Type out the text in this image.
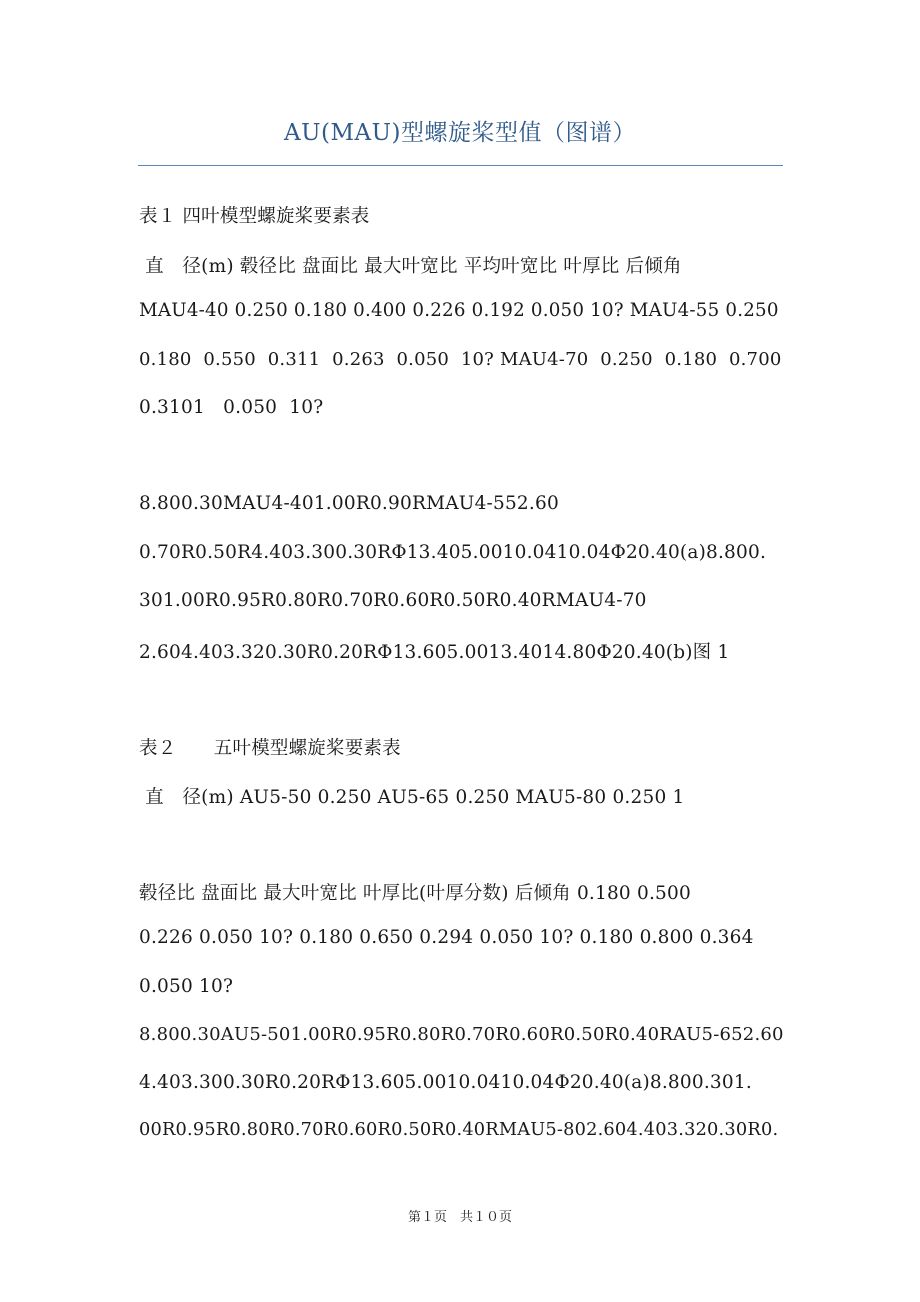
AU(MAU)型螺旋桨型值（图谱）
表１ 四叶模型螺旋桨要素表
直　径(m) 毂径比 盘面比 最大叶宽比 平均叶宽比 叶厚比 后倾角
MAU4-40 0.250 0.180 0.400 0.226 0.192 0.050 10? MAU4-55 0.250
0.180  0.550  0.311  0.263  0.050  10? MAU4-70  0.250  0.180  0.700
0.3101   0.050  10?
8.800.30MAU4-401.00R0.90RMAU4-552.60
0.70R0.50R4.403.300.30RΦ13.405.0010.0410.04Φ20.40(a)8.800.
301.00R0.95R0.80R0.70R0.60R0.50R0.40RMAU4-70
2.604.403.320.30R0.20RΦ13.605.0013.4014.80Φ20.40(b)图 1
表２　　五叶模型螺旋桨要素表
直　径(m) AU5-50 0.250 AU5-65 0.250 MAU5-80 0.250 1
毂径比 盘面比 最大叶宽比 叶厚比(叶厚分数) 后倾角 0.180 0.500
0.226 0.050 10? 0.180 0.650 0.294 0.050 10? 0.180 0.800 0.364
0.050 10?
8.800.30AU5-501.00R0.95R0.80R0.70R0.60R0.50R0.40RAU5-652.60
4.403.300.30R0.20RΦ13.605.0010.0410.04Φ20.40(a)8.800.301.
00R0.95R0.80R0.70R0.60R0.50R0.40RMAU5-802.604.403.320.30R0.
第１页　共１０页
